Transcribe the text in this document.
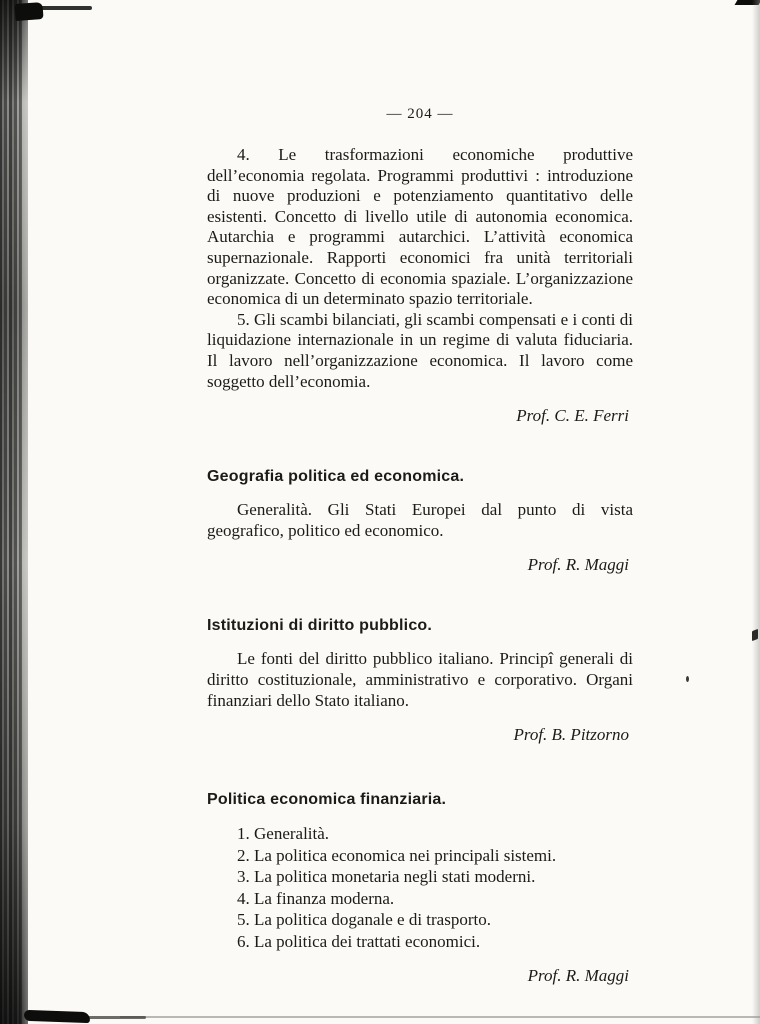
— 204 —

4. Le trasformazioni economiche produttive dell’economia regolata. Programmi produttivi : introduzione di nuove produzioni e potenziamento quantitativo delle esistenti. Concetto di livello utile di autonomia economica. Autarchia e programmi autarchici. L’attività economica supernazionale. Rapporti economici fra unità territoriali organizzate. Concetto di economia spaziale. L’organizzazione economica di un determinato spazio territoriale.

5. Gli scambi bilanciati, gli scambi compensati e i conti di liquidazione internazionale in un regime di valuta fiduciaria. Il lavoro nell’organizzazione economica. Il lavoro come soggetto dell’economia.

Prof. C. E. Ferri
Geografia politica ed economica.

Generalità. Gli Stati Europei dal punto di vista geografico, politico ed economico.

Prof. R. Maggi
Istituzioni di diritto pubblico.

Le fonti del diritto pubblico italiano. Principî generali di diritto costituzionale, amministrativo e corporativo. Organi finanziari dello Stato italiano.

Prof. B. Pitzorno
Politica economica finanziaria.
1. Generalità.
2. La politica economica nei principali sistemi.
3. La politica monetaria negli stati moderni.
4. La finanza moderna.
5. La politica doganale e di trasporto.
6. La politica dei trattati economici.
Prof. R. Maggi
